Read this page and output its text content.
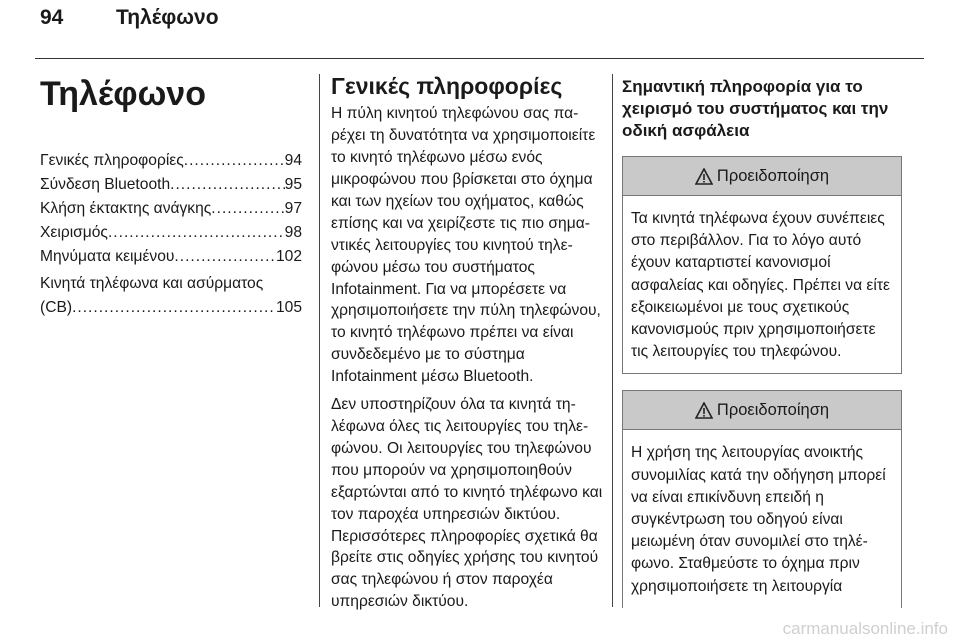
94	Τηλέφωνο
Τηλέφωνο
Γενικές πληροφορίες .....	94
Σύνδεση Bluetooth .....	95
Κλήση έκτακτης ανάγκης .....	97
Χειρισμός .....	98
Μηνύματα κειμένου .....	102
Κινητά τηλέφωνα και ασύρματος
(CB) .....	105
Γενικές πληροφορίες

Η πύλη κινητού τηλεφώνου σας παρέχει τη δυνατότητα να χρησιμοποιείτε το κινητό τηλέφωνο μέσω ενός μικροφώνου που βρίσκεται στο όχημα και των ηχείων του οχήματος, καθώς επίσης και να χειρίζεστε τις πιο σημαντικές λειτουργίες του κινητού τηλεφώνου μέσω του συστήματος Infotainment. Για να μπορέσετε να χρησιμοποιήσετε την πύλη τηλεφώνου, το κινητό τηλέφωνο πρέπει να είναι συνδεδεμένο με το σύστημα Infotainment μέσω Bluetooth.

Δεν υποστηρίζουν όλα τα κινητά τηλέφωνα όλες τις λειτουργίες του τηλεφώνου. Οι λειτουργίες του τηλεφώνου που μπορούν να χρησιμοποιηθούν εξαρτώνται από το κινητό τηλέφωνο και τον παροχέα υπηρεσιών δικτύου. Περισσότερες πληροφορίες σχετικά θα βρείτε στις οδηγίες χρήσης του κινητού σας τηλεφώνου ή στον παροχέα υπηρεσιών δικτύου.

Σημαντική πληροφορία για το χειρισμό του συστήματος και την οδική ασφάλεια
Προειδοποίηση
Τα κινητά τηλέφωνα έχουν συνέπειες στο περιβάλλον. Για το λόγο αυτό έχουν καταρτιστεί κανονισμοί ασφαλείας και οδηγίες. Πρέπει να είτε εξοικειωμένοι με τους σχετικούς κανονισμούς πριν χρησιμοποιήσετε τις λειτουργίες του τηλεφώνου.
Προειδοποίηση
Η χρήση της λειτουργίας ανοικτής συνομιλίας κατά την οδήγηση μπορεί να είναι επικίνδυνη επειδή η συγκέντρωση του οδηγού είναι μειωμένη όταν συνομιλεί στο τηλέφωνο. Σταθμεύστε το όχημα πριν χρησιμοποιήσετε τη λειτουργία
carmanualsonline.info
